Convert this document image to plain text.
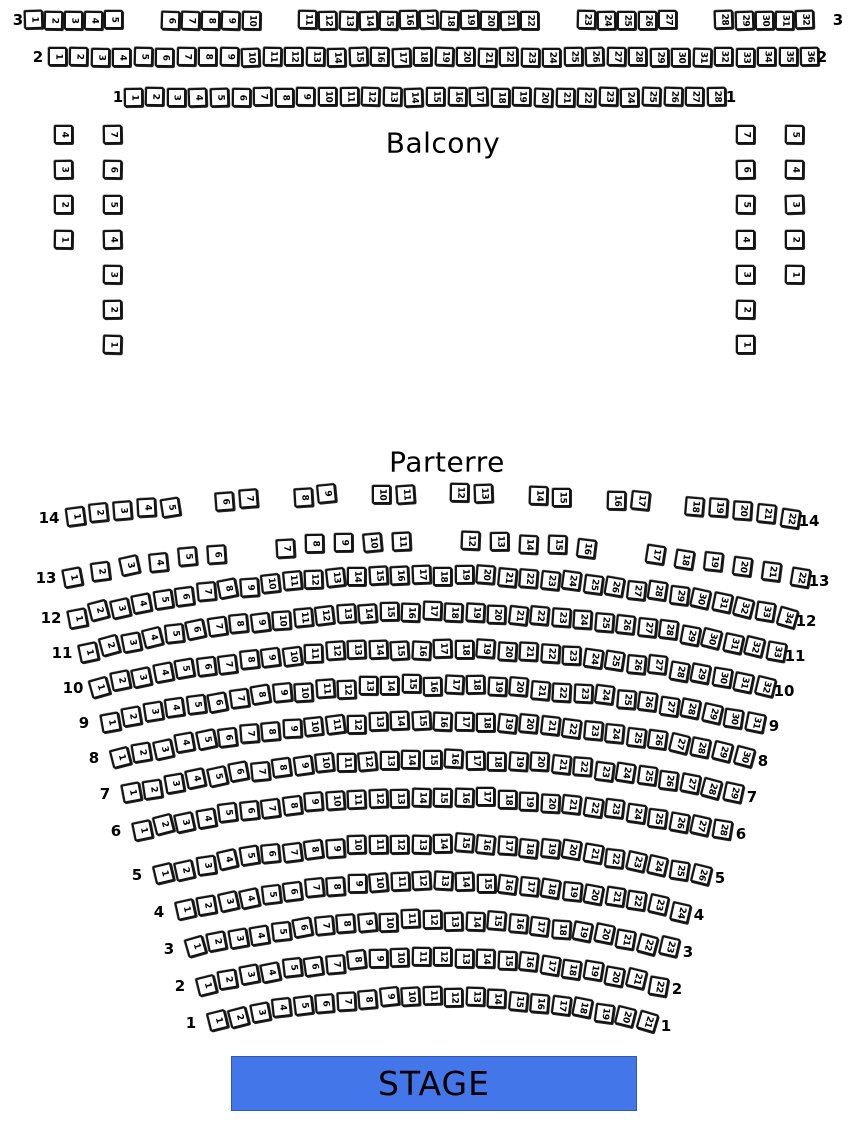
Balcony
Parterre
1 2 3 4 5	6 7 8 9 10	11 12 13 14 15 16 17 18 19 20 21 22	23 24 25 26 27	28 29 30 31 32
3	3
1 2 3 4 5 6 7 8 9 10 11 12 13 14 15 16 17 18 19 20 21 22 23 24 25 26 27 28 29 30 31 32 33 34 35 36
2	2
1 2 3 4 5 6 7 8 9 10 11 12 13 14 15 16 17 18 19 20 21 22 23 24 25 26 27 28
1	1
4
3
2
1
7
6
5
4
3
2
1
7
6
5
4
3
2
1
5
4
3
2
1
1 2 3
4 5
6 7	8
9	10 11	12 13	14 15	16 17	18 19 20 21 22
14	14
1
2
3 4
5 6
7
8 9 10 11	12 13 14 15 16	17 18 19 20 21 22
13	13
1
2 3
4
5 6
7 8 9 10 11 12 13 14 15 16 17 18 19 20 21 22 23 24 25 26 27 28 29 30 31 32 33 34
12	12
1
2 3
4
5 6 7 8 9 10 11 12 13 14 15 16 17 18 19 20 21 22 23 24 25 26 27 28 29 30 31 32 33
11	11
1
2 3
4
5 6 7
8 9 10 11 12 13 14 15 16 17 18 19 20 21 22 23 24 25 26 27 28 29 30 31 32
10	10
1
2
3
4
5 6 7
8 9 10 11 12 13 14 15 16 17 18 19 20 21 22 23 24 25 26 27 28 29 30 31
9	9
1
2 3
4 5 6
7 8 9 10 11 12 13 14 15 16 17 18 19 20 21 22 23 24 25 26 27 28 29 30
8	8
1 2
3
4 5
6 7
8 9 10 11 12 13 14 15 16 17 18 19 20 21 22 23 24 25 26 27 28 29
7	7
1
2 3 4
5 6 7 8
9 10 11 12 13 14 15 16 17 18 19 20 21 22 23 24 25 26 27 28
6	6
1 2
3
4
5 6 7 8 9 10 11 12 13 14 15 16 17 18 19 20 21 22 23 24 25 26
5	5
1 2
3 4 5
6
7 8 9 10 11 12 13 14 15 16 17 18 19 20 21 22 23
24
4	4
1
2 3 4
5
6 7 8 9 10 11 12 13 14 15 16 17 18 19 20 21 22 23
3	3
1
2
3 4
5 6 7
8 9 10 11 12 13 14 15 16 17 18 19 20 21
22
2	2
1 2
3
4 5 6 7 8 9 10 11 12 13 14 15 16 17 18 19 20 21
1	1
STAGE
